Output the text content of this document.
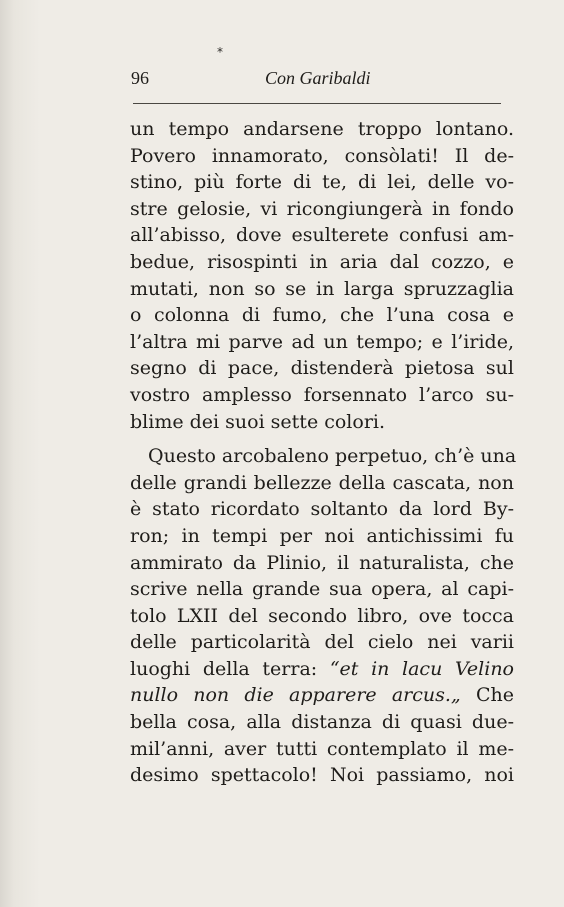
*
96	Con Garibaldi
un tempo andarsene troppo lontano.
Povero innamorato, consòlati! Il de-
stino, più forte di te, di lei, delle vo-
stre gelosie, vi ricongiungerà in fondo
all’abisso, dove esulterete confusi am-
bedue, risospinti in aria dal cozzo, e
mutati, non so se in larga spruzzaglia
o colonna di fumo, che l’una cosa e
l’altra mi parve ad un tempo; e l’iride,
segno di pace, distenderà pietosa sul
vostro amplesso forsennato l’arco su-
blime dei suoi sette colori.
Questo arcobaleno perpetuo, ch’è una
delle grandi bellezze della cascata, non
è stato ricordato soltanto da lord By-
ron; in tempi per noi antichissimi fu
ammirato da Plinio, il naturalista, che
scrive nella grande sua opera, al capi-
tolo LXII del secondo libro, ove tocca
delle particolarità del cielo nei varii
luoghi della terra: “et in lacu Velino
nullo non die apparere arcus.„ Che
bella cosa, alla distanza di quasi due-
mil’anni, aver tutti contemplato il me-
desimo spettacolo! Noi passiamo, noi
